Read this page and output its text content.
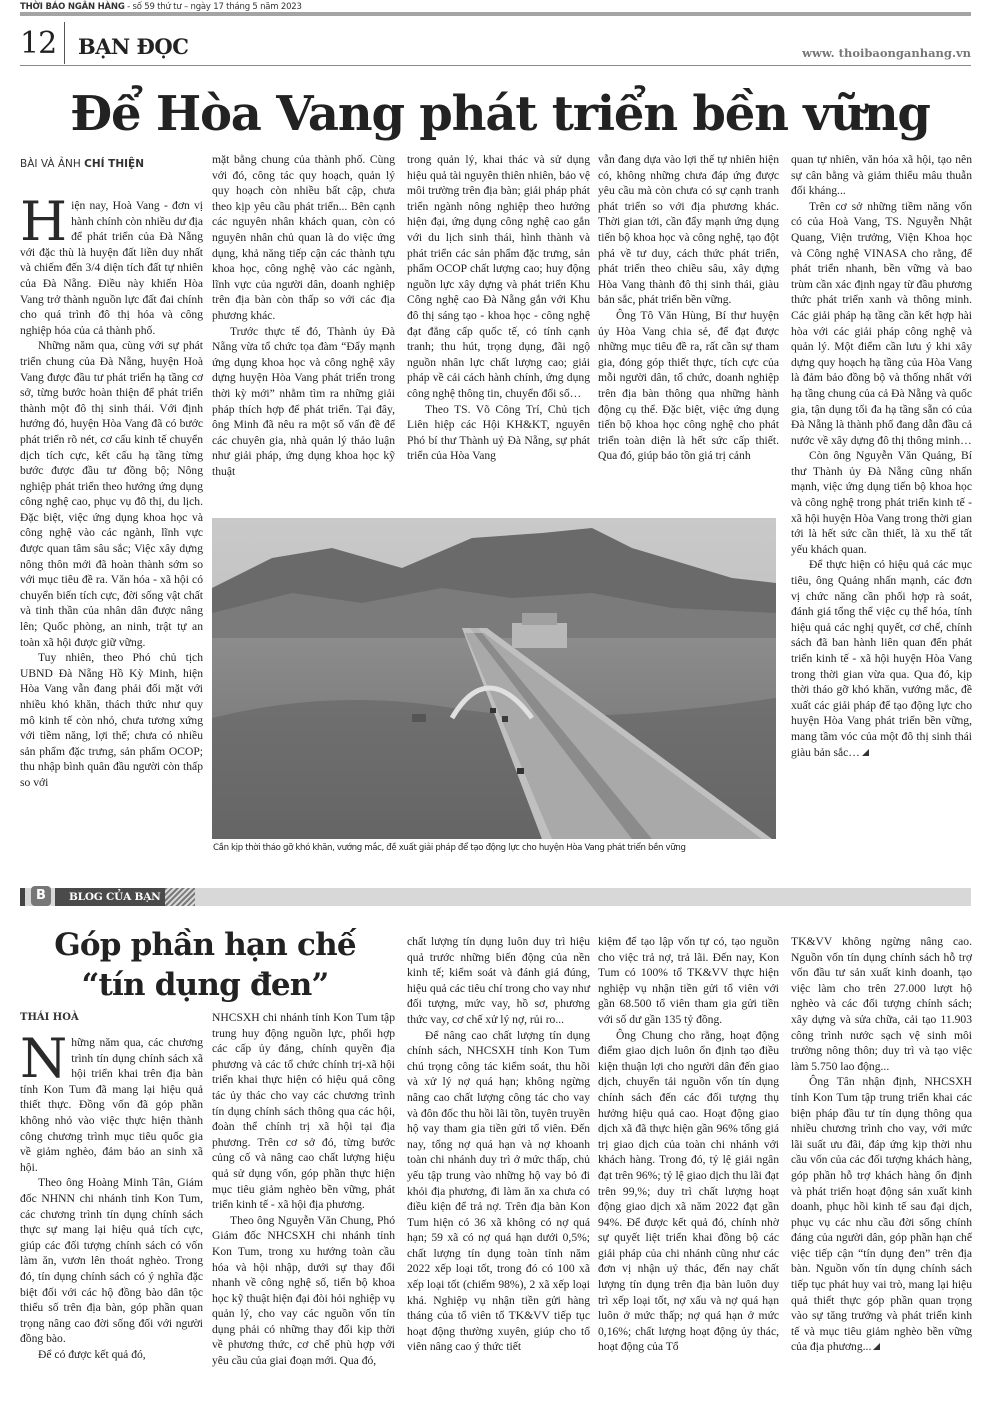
THỜI BÁO NGÂN HÀNG - số 59 thứ tư – ngày 17 tháng 5 năm 2023
12 BẠN ĐỌC	www. thoibaonganhang.vn
Để Hòa Vang phát triển bền vững
BÀI VÀ ẢNH CHÍ THIỆN

Hiện nay, Hoà Vang - đơn vị hành chính còn nhiều dư địa để phát triển của Đà Nẵng với đặc thù là huyện đất liền duy nhất và chiếm đến 3/4 diện tích đất tự nhiên của Đà Nẵng. Điều này khiến Hòa Vang trở thành nguồn lực đất đai chính cho quá trình đô thị hóa và công nghiệp hóa của cả thành phố.

Những năm qua, cùng với sự phát triển chung của Đà Nẵng, huyện Hoà Vang được đầu tư phát triển hạ tầng cơ sở, từng bước hoàn thiện để phát triển thành một đô thị sinh thái. Với định hướng đó, huyện Hòa Vang đã có bước phát triển rõ nét, cơ cấu kinh tế chuyển dịch tích cực, kết cấu hạ tầng từng bước được đầu tư đồng bộ; Nông nghiệp phát triển theo hướng ứng dụng công nghệ cao, phục vụ đô thị, du lịch. Đặc biệt, việc ứng dụng khoa học và công nghệ vào các ngành, lĩnh vực được quan tâm sâu sắc; Việc xây dựng nông thôn mới đã hoàn thành sớm so với mục tiêu đề ra. Văn hóa - xã hội có chuyển biến tích cực, đời sống vật chất và tinh thần của nhân dân được nâng lên; Quốc phòng, an ninh, trật tự an toàn xã hội được giữ vững.

Tuy nhiên, theo Phó chủ tịch UBND Đà Nẵng Hồ Kỳ Minh, hiện Hòa Vang vẫn đang phải đối mặt với nhiều khó khăn, thách thức như quy mô kinh tế còn nhỏ, chưa tương xứng với tiềm năng, lợi thế; chưa có nhiều sản phẩm đặc trưng, sản phẩm OCOP; thu nhập bình quân đầu người còn thấp so với

mặt bằng chung của thành phố. Cùng với đó, công tác quy hoạch, quản lý quy hoạch còn nhiều bất cập, chưa theo kịp yêu cầu phát triển... Bên cạnh các nguyên nhân khách quan, còn có nguyên nhân chủ quan là do việc ứng dụng, khả năng tiếp cận các thành tựu khoa học, công nghệ vào các ngành, lĩnh vực của người dân, doanh nghiệp trên địa bàn còn thấp so với các địa phương khác.

Trước thực tế đó, Thành ủy Đà Nẵng vừa tổ chức tọa đàm “Đẩy mạnh ứng dụng khoa học và công nghệ xây dựng huyện Hòa Vang phát triển trong thời kỳ mới” nhằm tìm ra những giải pháp thích hợp để phát triển. Tại đây, ông Minh đã nêu ra một số vấn đề để các chuyên gia, nhà quản lý thảo luận như giải pháp, ứng dụng khoa học kỹ thuật

trong quản lý, khai thác và sử dụng hiệu quả tài nguyên thiên nhiên, bảo vệ môi trường trên địa bàn; giải pháp phát triển ngành nông nghiệp theo hướng hiện đại, ứng dụng công nghệ cao gắn với du lịch sinh thái, hình thành và phát triển các sản phẩm đặc trưng, sản phẩm OCOP chất lượng cao; huy động nguồn lực xây dựng và phát triển Khu Công nghệ cao Đà Nẵng gắn với Khu đô thị sáng tạo - khoa học - công nghệ đạt đẳng cấp quốc tế, có tính cạnh tranh; thu hút, trọng dụng, đãi ngộ nguồn nhân lực chất lượng cao; giải pháp về cải cách hành chính, ứng dụng công nghệ thông tin, chuyển đổi số…

Theo TS. Võ Công Trí, Chủ tịch Liên hiệp các Hội KH&KT, nguyên Phó bí thư Thành uỷ Đà Nẵng, sự phát triển của Hòa Vang

vẫn đang dựa vào lợi thế tự nhiên hiện có, không những chưa đáp ứng được yêu cầu mà còn chưa có sự cạnh tranh phát triển so với địa phương khác. Thời gian tới, cần đẩy mạnh ứng dụng tiến bộ khoa học và công nghệ, tạo đột phá về tư duy, cách thức phát triển, phát triển theo chiều sâu, xây dựng Hòa Vang thành đô thị sinh thái, giàu bản sắc, phát triển bền vững.

Ông Tô Văn Hùng, Bí thư huyện ủy Hòa Vang chia sẻ, để đạt được những mục tiêu đề ra, rất cần sự tham gia, đóng góp thiết thực, tích cực của mỗi người dân, tổ chức, doanh nghiệp trên địa bàn thông qua những hành động cụ thể. Đặc biệt, việc ứng dụng tiến bộ khoa học công nghệ cho phát triển toàn diện là hết sức cấp thiết. Qua đó, giúp bảo tồn giá trị cảnh

quan tự nhiên, văn hóa xã hội, tạo nên sự cân bằng và giảm thiểu mâu thuẫn đối kháng...

Trên cơ sở những tiềm năng vốn có của Hoà Vang, TS. Nguyễn Nhật Quang, Viện trưởng, Viện Khoa học và Công nghệ VINASA cho rằng, để phát triển nhanh, bền vững và bao trùm cần xác định ngay từ đầu phương thức phát triển xanh và thông minh. Các giải pháp hạ tầng cần kết hợp hài hòa với các giải pháp công nghệ và quản lý. Một điểm cần lưu ý khi xây dựng quy hoạch hạ tầng của Hòa Vang là đảm bảo đồng bộ và thống nhất với hạ tầng chung của cả Đà Nẵng và quốc gia, tận dụng tối đa hạ tầng sẵn có của Đà Nẵng là thành phố đang dẫn đầu cả nước về xây dựng đô thị thông minh…

Còn ông Nguyễn Văn Quảng, Bí thư Thành ủy Đà Nẵng cũng nhấn mạnh, việc ứng dụng tiến bộ khoa học và công nghệ trong phát triển kinh tế - xã hội huyện Hòa Vang trong thời gian tới là hết sức cần thiết, là xu thế tất yếu khách quan.

Để thực hiện có hiệu quả các mục tiêu, ông Quảng nhấn mạnh, các đơn vị chức năng cần phối hợp rà soát, đánh giá tổng thể việc cụ thể hóa, tính hiệu quả các nghị quyết, cơ chế, chính sách đã ban hành liên quan đến phát triển kinh tế - xã hội huyện Hòa Vang trong thời gian vừa qua. Qua đó, kịp thời tháo gỡ khó khăn, vướng mắc, đề xuất các giải pháp để tạo động lực cho huyện Hòa Vang phát triển bền vững, mang tầm vóc của một đô thị sinh thái giàu bản sắc…

Cần kịp thời tháo gỡ khó khăn, vướng mắc, đề xuất giải pháp để tạo động lực cho huyện Hòa Vang phát triển bền vững
B	BLOG CỦA BẠN
Góp phần hạn chế
“tín dụng đen”
THÁI HOÀ

Những năm qua, các chương trình tín dụng chính sách xã hội triển khai trên địa bàn tỉnh Kon Tum đã mang lại hiệu quả thiết thực. Đồng vốn đã góp phần không nhỏ vào việc thực hiện thành công chương trình mục tiêu quốc gia về giảm nghèo, đảm bảo an sinh xã hội.

Theo ông Hoàng Minh Tân, Giám đốc NHNN chi nhánh tỉnh Kon Tum, các chương trình tín dụng chính sách thực sự mang lại hiệu quả tích cực, giúp các đối tượng chính sách có vốn làm ăn, vươn lên thoát nghèo. Trong đó, tín dụng chính sách có ý nghĩa đặc biệt đối với các hộ đồng bào dân tộc thiểu số trên địa bàn, góp phần quan trọng nâng cao đời sống đối với người đồng bào.

Để có được kết quả đó,

NHCSXH chi nhánh tỉnh Kon Tum tập trung huy động nguồn lực, phối hợp các cấp ủy đảng, chính quyền địa phương và các tổ chức chính trị-xã hội triển khai thực hiện có hiệu quả công tác ủy thác cho vay các chương trình tín dụng chính sách thông qua các hội, đoàn thể chính trị xã hội tại địa phương. Trên cơ sở đó, từng bước củng cố và nâng cao chất lượng hiệu quả sử dụng vốn, góp phần thực hiện mục tiêu giảm nghèo bền vững, phát triển kinh tế - xã hội địa phương.

Theo ông Nguyễn Văn Chung, Phó Giám đốc NHCSXH chi nhánh tỉnh Kon Tum, trong xu hướng toàn cầu hóa và hội nhập, dưới sự thay đổi nhanh về công nghệ số, tiến bộ khoa học kỹ thuật hiện đại đòi hỏi nghiệp vụ quản lý, cho vay các nguồn vốn tín dụng phải có những thay đổi kịp thời về phương thức, cơ chế phù hợp với yêu cầu của giai đoạn mới. Qua đó,

chất lượng tín dụng luôn duy trì hiệu quả trước những biến động của nền kinh tế; kiểm soát và đánh giá đúng, hiệu quả các tiêu chí trong cho vay như đối tượng, mức vay, hồ sơ, phương thức vay, cơ chế xử lý nợ, rủi ro...

Để nâng cao chất lượng tín dụng chính sách, NHCSXH tỉnh Kon Tum chú trọng công tác kiểm soát, thu hồi và xử lý nợ quá hạn; không ngừng nâng cao chất lượng công tác cho vay và đôn đốc thu hồi lãi tồn, tuyên truyền hộ vay tham gia tiền gửi tổ viên. Đến nay, tổng nợ quá hạn và nợ khoanh toàn chi nhánh duy trì ở mức thấp, chủ yếu tập trung vào những hộ vay bỏ đi khỏi địa phương, đi làm ăn xa chưa có điều kiện để trả nợ. Trên địa bàn Kon Tum hiện có 36 xã không có nợ quá hạn; 59 xã có nợ quá hạn dưới 0,5%; chất lượng tín dụng toàn tỉnh năm 2022 xếp loại tốt, trong đó có 100 xã xếp loại tốt (chiếm 98%), 2 xã xếp loại khá. Nghiệp vụ nhận tiền gửi hàng tháng của tổ viên tổ TK&VV tiếp tục hoạt động thường xuyên, giúp cho tổ viên nâng cao ý thức tiết

kiệm để tạo lập vốn tự có, tạo nguồn cho việc trả nợ, trả lãi. Đến nay, Kon Tum có 100% tổ TK&VV thực hiện nghiệp vụ nhận tiền gửi tổ viên với gần 68.500 tổ viên tham gia gửi tiền với số dư gần 135 tỷ đồng.

Ông Chung cho rằng, hoạt động điểm giao dịch luôn ổn định tạo điều kiện thuận lợi cho người dân đến giao dịch, chuyển tải nguồn vốn tín dụng chính sách đến các đối tượng thụ hưởng hiệu quả cao. Hoạt động giao dịch xã đã thực hiện gần 96% tổng giá trị giao dịch của toàn chi nhánh với khách hàng. Trong đó, tỷ lệ giải ngân đạt trên 96%; tỷ lệ giao dịch thu lãi đạt trên 99,%; duy trì chất lượng hoạt động giao dịch xã năm 2022 đạt gần 94%. Để được kết quả đó, chính nhờ sự quyết liệt triển khai đồng bộ các giải pháp của chi nhánh cũng như các đơn vị nhận uỷ thác, đến nay chất lượng tín dụng trên địa bàn luôn duy trì xếp loại tốt, nợ xấu và nợ quá hạn luôn ở mức thấp; nợ quá hạn ở mức 0,16%; chất lượng hoạt động ủy thác, hoạt động của Tổ

TK&VV không ngừng nâng cao. Nguồn vốn tín dụng chính sách hỗ trợ vốn đầu tư sản xuất kinh doanh, tạo việc làm cho trên 27.000 lượt hộ nghèo và các đối tượng chính sách; xây dựng và sửa chữa, cải tạo 11.903 công trình nước sạch vệ sinh môi trường nông thôn; duy trì và tạo việc làm 5.750 lao động...

Ông Tân nhận định, NHCSXH tỉnh Kon Tum tập trung triển khai các biện pháp đầu tư tín dụng thông qua nhiều chương trình cho vay, với mức lãi suất ưu đãi, đáp ứng kịp thời nhu cầu vốn của các đối tượng khách hàng, góp phần hỗ trợ khách hàng ổn định và phát triển hoạt động sản xuất kinh doanh, phục hồi kinh tế sau đại dịch, phục vụ các nhu cầu đời sống chính đáng của người dân, góp phần hạn chế việc tiếp cận “tín dụng đen” trên địa bàn. Nguồn vốn tín dụng chính sách tiếp tục phát huy vai trò, mang lại hiệu quả thiết thực góp phần quan trọng vào sự tăng trưởng và phát triển kinh tế và mục tiêu giảm nghèo bền vững của địa phương...
